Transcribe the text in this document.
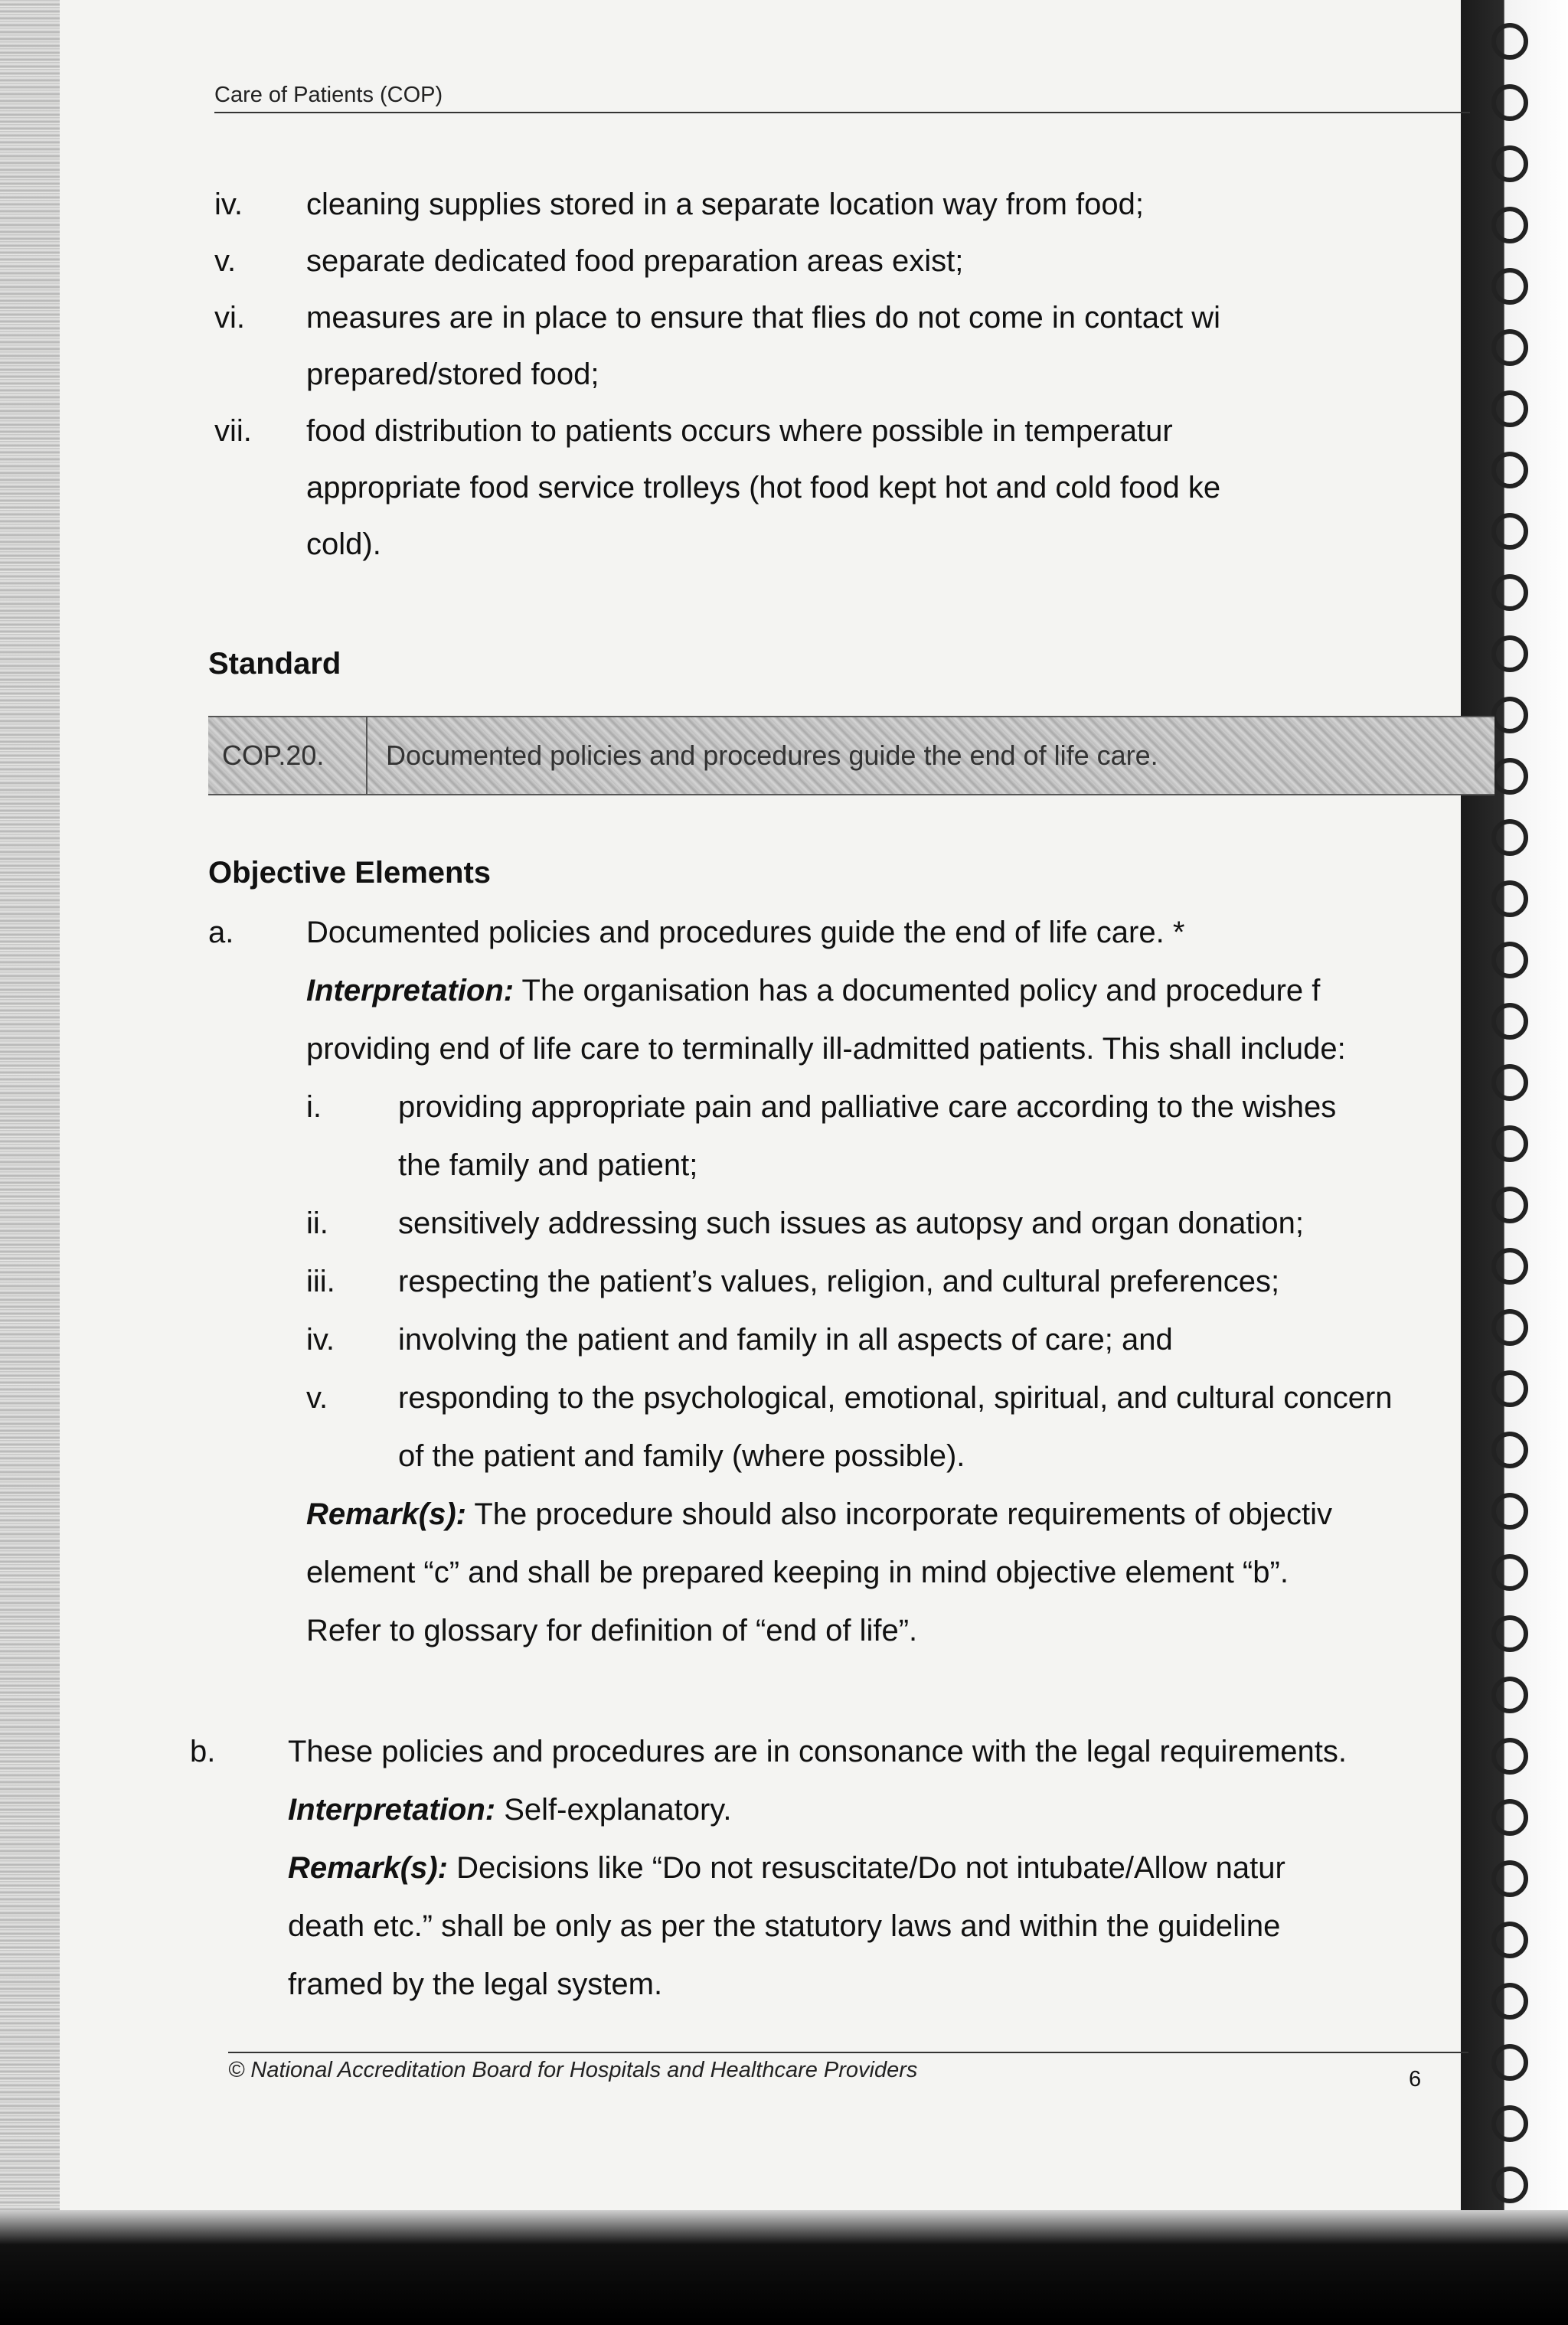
Care of Patients (COP)
iv. cleaning supplies stored in a separate location way from food;
v. separate dedicated food preparation areas exist;
vi. measures are in place to ensure that flies do not come in contact wi
prepared/stored food;
vii. food distribution to patients occurs where possible in temperatur
appropriate food service trolleys (hot food kept hot and cold food ke
cold).
Standard
COP.20.	Documented policies and procedures guide the end of life care.
Objective Elements
a. Documented policies and procedures guide the end of life care. *
Interpretation: The organisation has a documented policy and procedure f
providing end of life care to terminally ill-admitted patients. This shall include:
i.	providing appropriate pain and palliative care according to the wishes
the family and patient;
ii. sensitively addressing such issues as autopsy and organ donation;
iii. respecting the patient’s values, religion, and cultural preferences;
iv. involving the patient and family in all aspects of care; and
v. responding to the psychological, emotional, spiritual, and cultural concern
of the patient and family (where possible).
Remark(s): The procedure should also incorporate requirements of objectiv
element “c” and shall be prepared keeping in mind objective element “b”.
Refer to glossary for definition of “end of life”.
b. These policies and procedures are in consonance with the legal requirements.
Interpretation: Self-explanatory.
Remark(s): Decisions like “Do not resuscitate/Do not intubate/Allow natur
death etc.” shall be only as per the statutory laws and within the guideline
framed by the legal system.
© National Accreditation Board for Hospitals and Healthcare Providers	6
